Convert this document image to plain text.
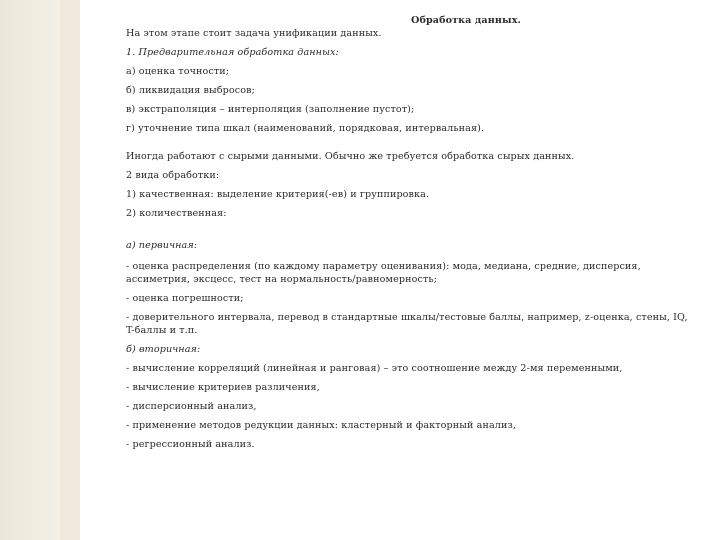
Обработка данных.

На этом этапе стоит задача унификации данных.

1. Предварительная обработка данных:

а) оценка точности;

б) ликвидация выбросов;

в) экстраполяция – интерполяция (заполнение пустот);

г) уточнение типа шкал (наименований, порядковая, интервальная).

Иногда работают с сырыми данными. Обычно же требуется обработка сырых данных.

2 вида обработки:

1) качественная: выделение критерия(-ев) и группировка.

2) количественная:

а) первичная:

- оценка распределения (по каждому параметру оценивания): мода, медиана, средние, дисперсия, ассиметрия, эксцесс, тест на нормальность/равномерность;

- оценка погрешности;

- доверительного интервала, перевод в стандартные шкалы/тестовые баллы, например, z-оценка, стены, IQ, T-баллы и т.п.

б) вторичная:

- вычисление корреляций (линейная и ранговая) – это соотношение между 2-мя переменными,

- вычисление критериев различения,

- дисперсионный анализ,

- применение методов редукции данных: кластерный и факторный анализ,

- регрессионный анализ.
